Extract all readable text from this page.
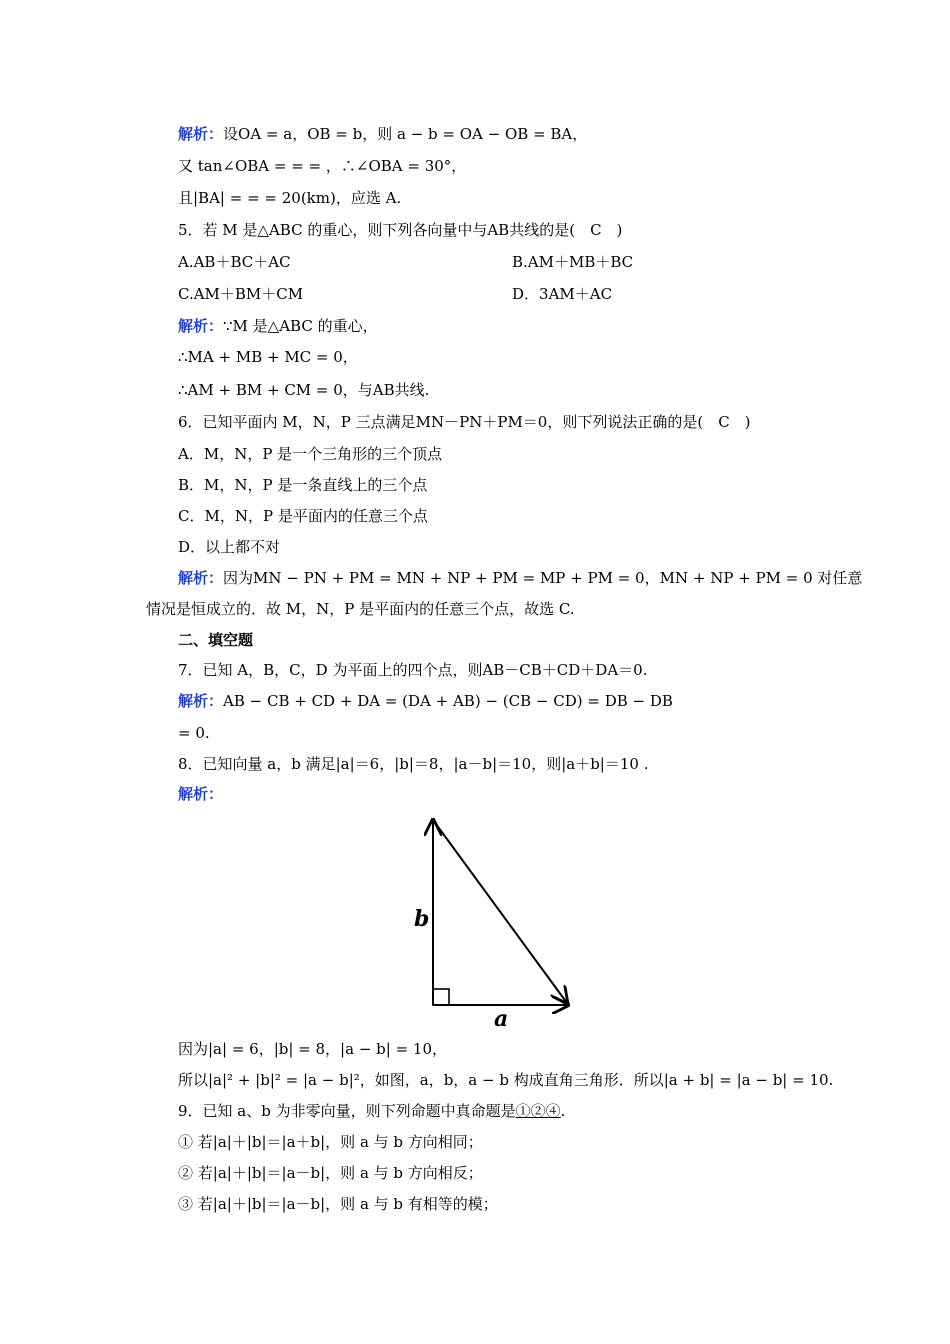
解析：设OA = a，OB = b，则 a − b = OA − OB = BA，
又 tan∠OBA = = = ，∴∠OBA = 30°，
且|BA| = = = 20(km)，应选 A.
5．若 M 是△ABC 的重心，则下列各向量中与AB共线的是(　C　)
A.AB＋BC＋AC	B.AM＋MB＋BC
C.AM＋BM＋CM	D．3AM＋AC
解析：∵M 是△ABC 的重心，
∴MA + MB + MC = 0，
∴AM + BM + CM = 0，与AB共线.
6．已知平面内 M，N，P 三点满足MN－PN＋PM＝0，则下列说法正确的是(　C　)
A．M，N，P 是一个三角形的三个顶点
B．M，N，P 是一条直线上的三个点
C．M，N，P 是平面内的任意三个点
D．以上都不对
解析：因为MN − PN + PM = MN + NP + PM = MP + PM = 0，MN + NP + PM = 0 对任意
情况是恒成立的．故 M，N，P 是平面内的任意三个点，故选 C.
二、填空题
7．已知 A，B，C，D 为平面上的四个点，则AB－CB＋CD＋DA＝0.
解析：AB − CB + CD + DA = (DA + AB) − (CB − CD) = DB − DB
= 0.
8．已知向量 a，b 满足|a|＝6，|b|＝8，|a－b|＝10，则|a＋b|＝10 .
解析：
b
a
因为|a| = 6，|b| = 8，|a − b| = 10，
所以|a|² + |b|² = |a − b|²，如图，a，b，a − b 构成直角三角形．所以|a + b| = |a − b| = 10.
9．已知 a、b 为非零向量，则下列命题中真命题是①②④.
① 若|a|＋|b|＝|a＋b|，则 a 与 b 方向相同；
② 若|a|＋|b|＝|a－b|，则 a 与 b 方向相反；
③ 若|a|＋|b|＝|a－b|，则 a 与 b 有相等的模；
